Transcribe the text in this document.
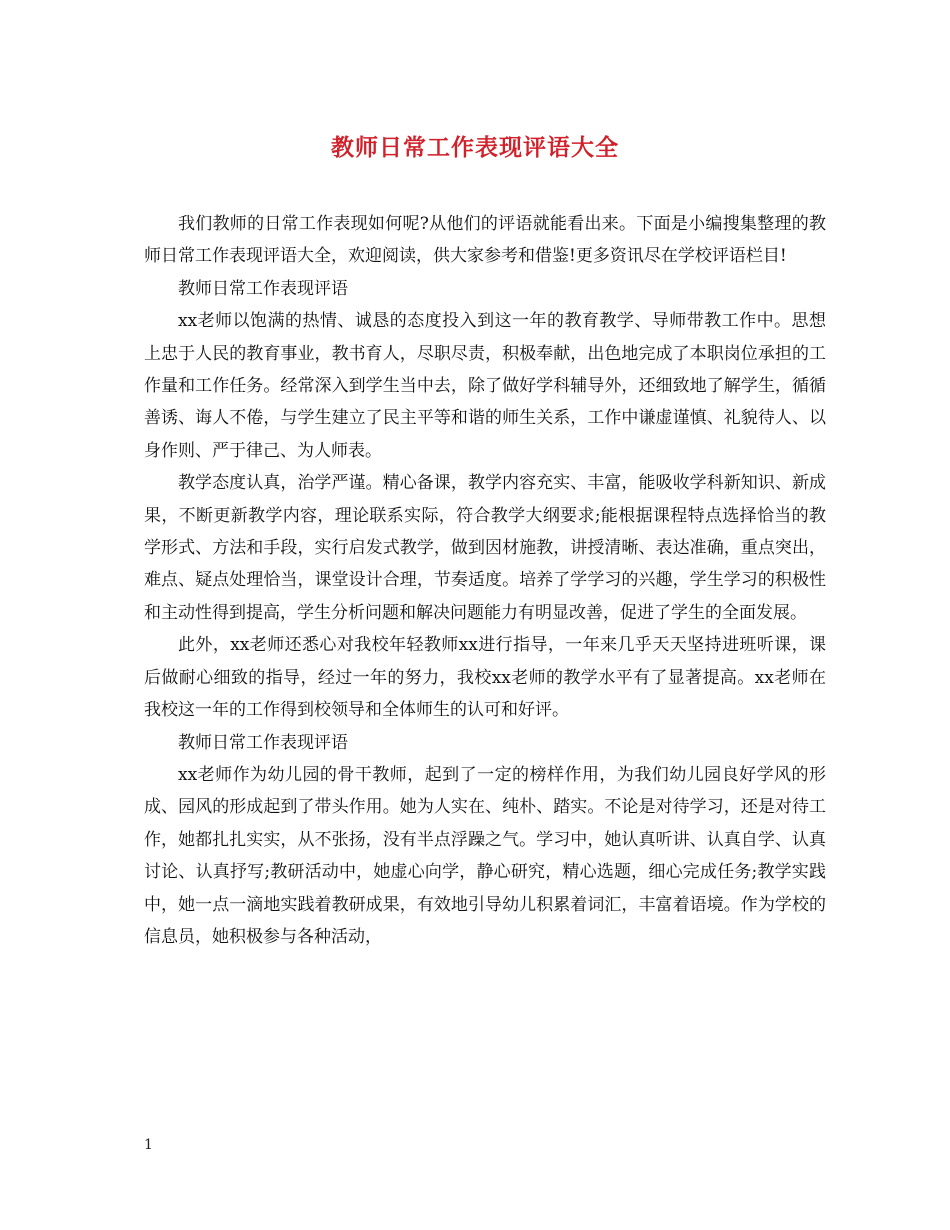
教师日常工作表现评语大全

我们教师的日常工作表现如何呢?从他们的评语就能看出来。下面是小编搜集整理的教师日常工作表现评语大全，欢迎阅读，供大家参考和借鉴!更多资讯尽在学校评语栏目!

教师日常工作表现评语

xx老师以饱满的热情、诚恳的态度投入到这一年的教育教学、导师带教工作中。思想上忠于人民的教育事业，教书育人，尽职尽责，积极奉献，出色地完成了本职岗位承担的工作量和工作任务。经常深入到学生当中去，除了做好学科辅导外，还细致地了解学生，循循善诱、诲人不倦，与学生建立了民主平等和谐的师生关系，工作中谦虚谨慎、礼貌待人、以身作则、严于律己、为人师表。

教学态度认真，治学严谨。精心备课，教学内容充实、丰富，能吸收学科新知识、新成果，不断更新教学内容，理论联系实际，符合教学大纲要求;能根据课程特点选择恰当的教学形式、方法和手段，实行启发式教学，做到因材施教，讲授清晰、表达准确，重点突出，难点、疑点处理恰当，课堂设计合理，节奏适度。培养了学学习的兴趣，学生学习的积极性和主动性得到提高，学生分析问题和解决问题能力有明显改善，促进了学生的全面发展。

此外，xx老师还悉心对我校年轻教师xx进行指导，一年来几乎天天坚持进班听课，课后做耐心细致的指导，经过一年的努力，我校xx老师的教学水平有了显著提高。xx老师在我校这一年的工作得到校领导和全体师生的认可和好评。

教师日常工作表现评语

xx老师作为幼儿园的骨干教师，起到了一定的榜样作用，为我们幼儿园良好学风的形成、园风的形成起到了带头作用。她为人实在、纯朴、踏实。不论是对待学习，还是对待工作，她都扎扎实实，从不张扬，没有半点浮躁之气。学习中，她认真听讲、认真自学、认真讨论、认真抒写;教研活动中，她虚心向学，静心研究，精心选题，细心完成任务;教学实践中，她一点一滴地实践着教研成果，有效地引导幼儿积累着词汇，丰富着语境。作为学校的信息员，她积极参与各种活动，

1
